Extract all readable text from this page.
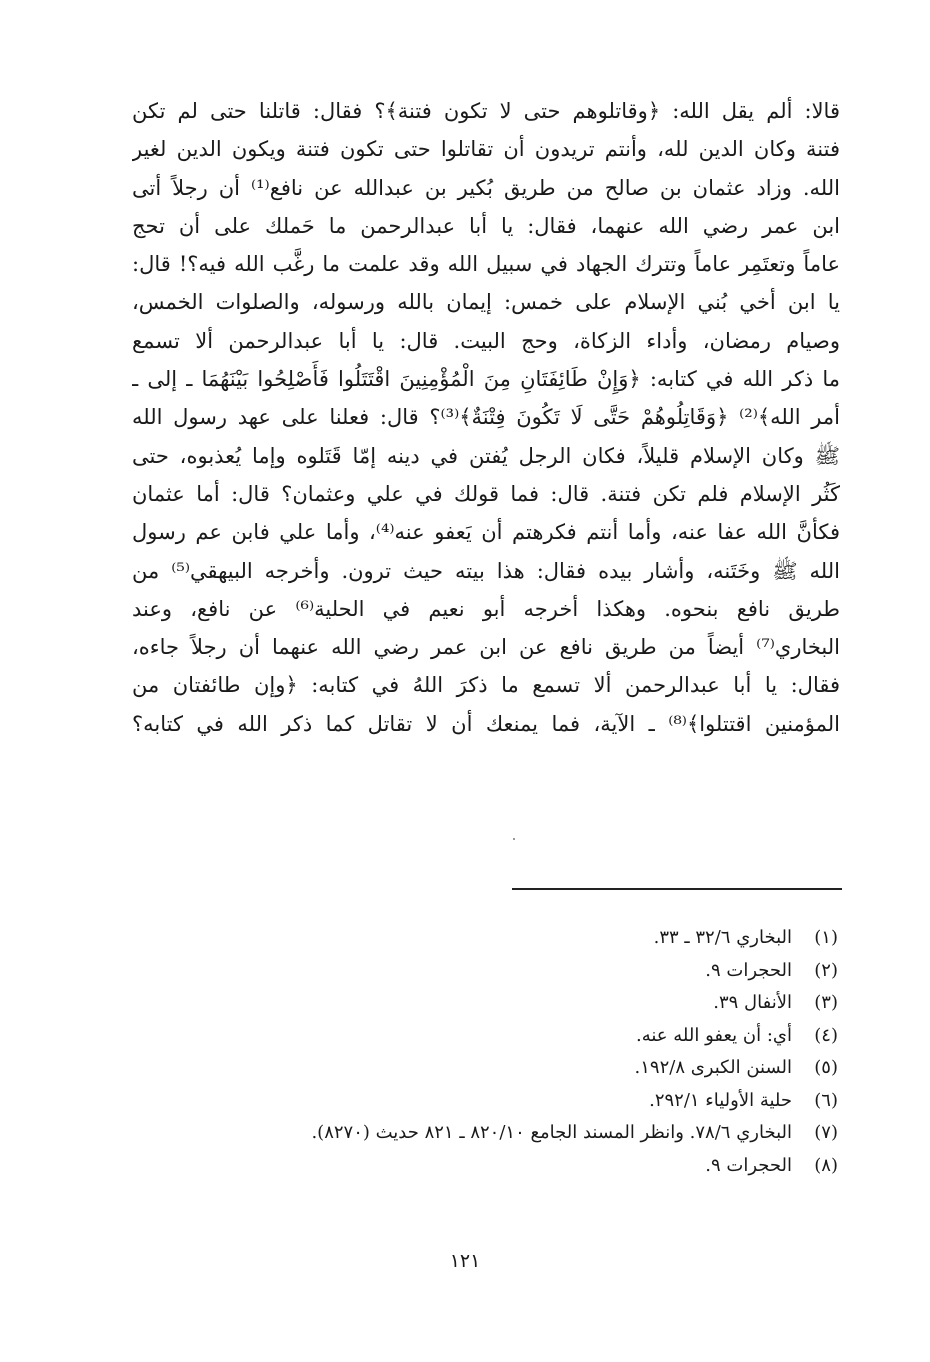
قالا: ألم يقل الله: ﴿وقاتلوهم حتى لا تكون فتنة﴾؟ فقال: قاتلنا حتى لم تكن
فتنة وكان الدين لله، وأنتم تريدون أن تقاتلوا حتى تكون فتنة ويكون الدين لغير
الله. وزاد عثمان بن صالح من طريق بُكير بن عبدالله عن نافع⁽¹⁾ أن رجلاً أتى
ابن عمر رضي الله عنهما، فقال: يا أبا عبدالرحمن ما حَملك على أن تحج
عاماً وتعتَمِر عاماً وتترك الجهاد في سبيل الله وقد علمت ما رغَّب الله فيه؟! قال:
يا ابن أخي بُني الإسلام على خمس: إيمان بالله ورسوله، والصلوات الخمس،
وصيام رمضان، وأداء الزكاة، وحج البيت. قال: يا أبا عبدالرحمن ألا تسمع
ما ذكر الله في كتابه: ﴿وَإِنْ طَائِفَتَانِ مِنَ الْمُؤْمِنِينَ اقْتَتَلُوا فَأَصْلِحُوا بَيْنَهُمَا ـ إلى ـ
أمر الله﴾⁽²⁾ ﴿وَقَاتِلُوهُمْ حَتَّى لَا تَكُونَ فِتْنَةٌ﴾⁽³⁾؟ قال: فعلنا على عهد رسول الله
ﷺ وكان الإسلام قليلاً، فكان الرجل يُفتن في دينه إمّا قَتَلوه وإما يُعذبوه، حتى
كَثُر الإسلام فلم تكن فتنة. قال: فما قولك في علي وعثمان؟ قال: أما عثمان
فكأنَّ الله عفا عنه، وأما أنتم فكرهتم أن يَعفو عنه⁽⁴⁾، وأما علي فابن عم رسول
الله ﷺ وخَتَنه، وأشار بيده فقال: هذا بيته حيث ترون. وأخرجه البيهقي⁽⁵⁾ من
طريق نافع بنحوه. وهكذا أخرجه أبو نعيم في الحلية⁽⁶⁾ عن نافع، وعند
البخاري⁽⁷⁾ أيضاً من طريق نافع عن ابن عمر رضي الله عنهما أن رجلاً جاءه،
فقال: يا أبا عبدالرحمن ألا تسمع ما ذكرَ اللهُ في كتابه: ﴿وإن طائفتان من
المؤمنين اقتتلوا﴾⁽⁸⁾ ـ الآية، فما يمنعك أن لا تقاتل كما ذكر الله في كتابه؟
(١)
البخاري ٣٢/٦ ـ ٣٣.
(٢)
الحجرات ٩.
(٣)
الأنفال ٣٩.
(٤)
أي: أن يعفو الله عنه.
(٥)
السنن الكبرى ١٩٢/٨.
(٦)
حلية الأولياء ٢٩٢/١.
(٧)
البخاري ٧٨/٦. وانظر المسند الجامع ٨٢٠/١٠ ـ ٨٢١ حديث (٨٢٧٠).
(٨)
الحجرات ٩.
١٢١
